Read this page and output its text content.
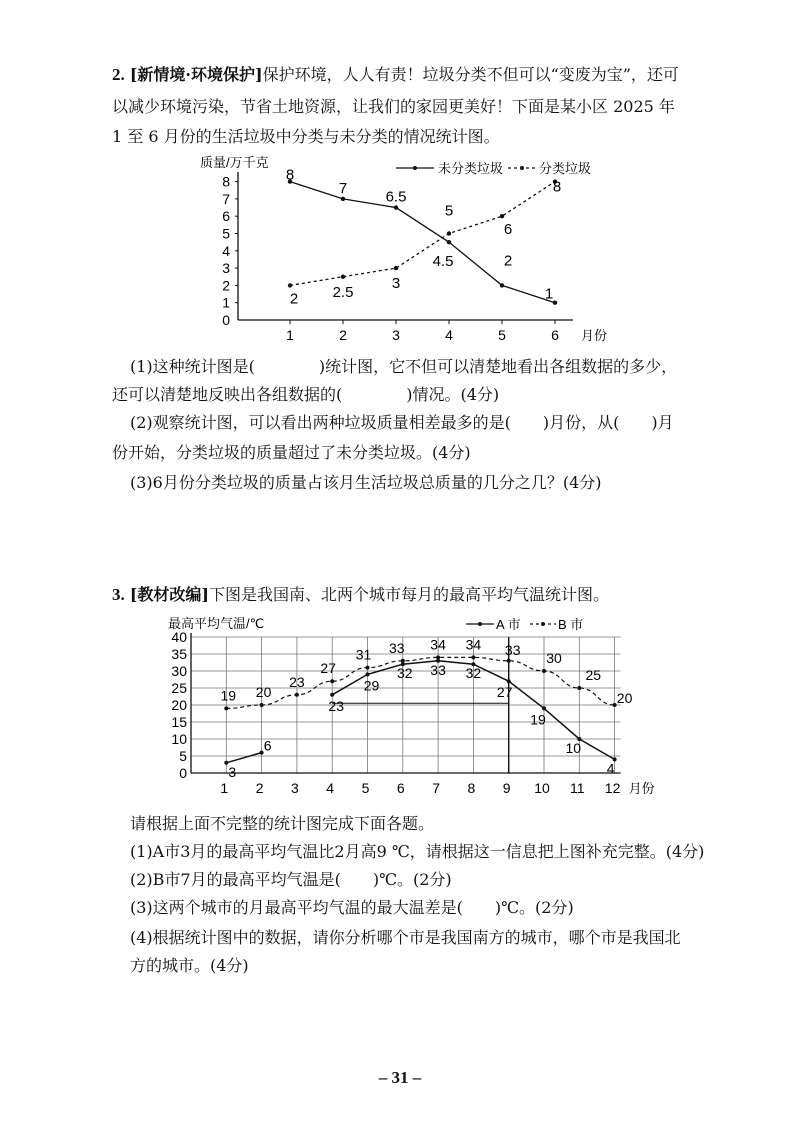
2. [新情境·环境保护]保护环境，人人有责！垃圾分类不但可以“变废为宝”，还可
以减少环境污染，节省土地资源，让我们的家园更美好！下面是某小区 2025 年
1 至 6 月份的生活垃圾中分类与未分类的情况统计图。
质量/万千克
0
1
2
3
4
5
6
7
8
1	2	3	4	5	6 月份
8
7
6.5
4.5	2
1
2 2.5
3
5
6
8
未分类垃圾	分类垃圾
(1)这种统计图是(　　　　)统计图，它不但可以清楚地看出各组数据的多少，
还可以清楚地反映出各组数据的(　　　　)情况。(4分)
(2)观察统计图，可以看出两种垃圾质量相差最多的是(　　)月份，从(　　)月
份开始，分类垃圾的质量超过了未分类垃圾。(4分)
(3)6月份分类垃圾的质量占该月生活垃圾总质量的几分之几？(4分)
3. [教材改编]下图是我国南、北两个城市每月的最高平均气温统计图。
最高平均气温/℃
0
5
10
15
20
25
30
35
40
1 2 3 4 5 6 7 8 9 10 11 12 月份
19 20
23
27
31 33 34 34 33
30
25
20
3
6
23
29
32 33 32
27
19
10
4
A 市	B 市
请根据上面不完整的统计图完成下面各题。
(1)A市3月的最高平均气温比2月高9 ℃，请根据这一信息把上图补充完整。(4分)
(2)B市7月的最高平均气温是(　　)℃。(2分)
(3)这两个城市的月最高平均气温的最大温差是(　　)℃。(2分)
(4)根据统计图中的数据，请你分析哪个市是我国南方的城市，哪个市是我国北
方的城市。(4分)
– 31 –
